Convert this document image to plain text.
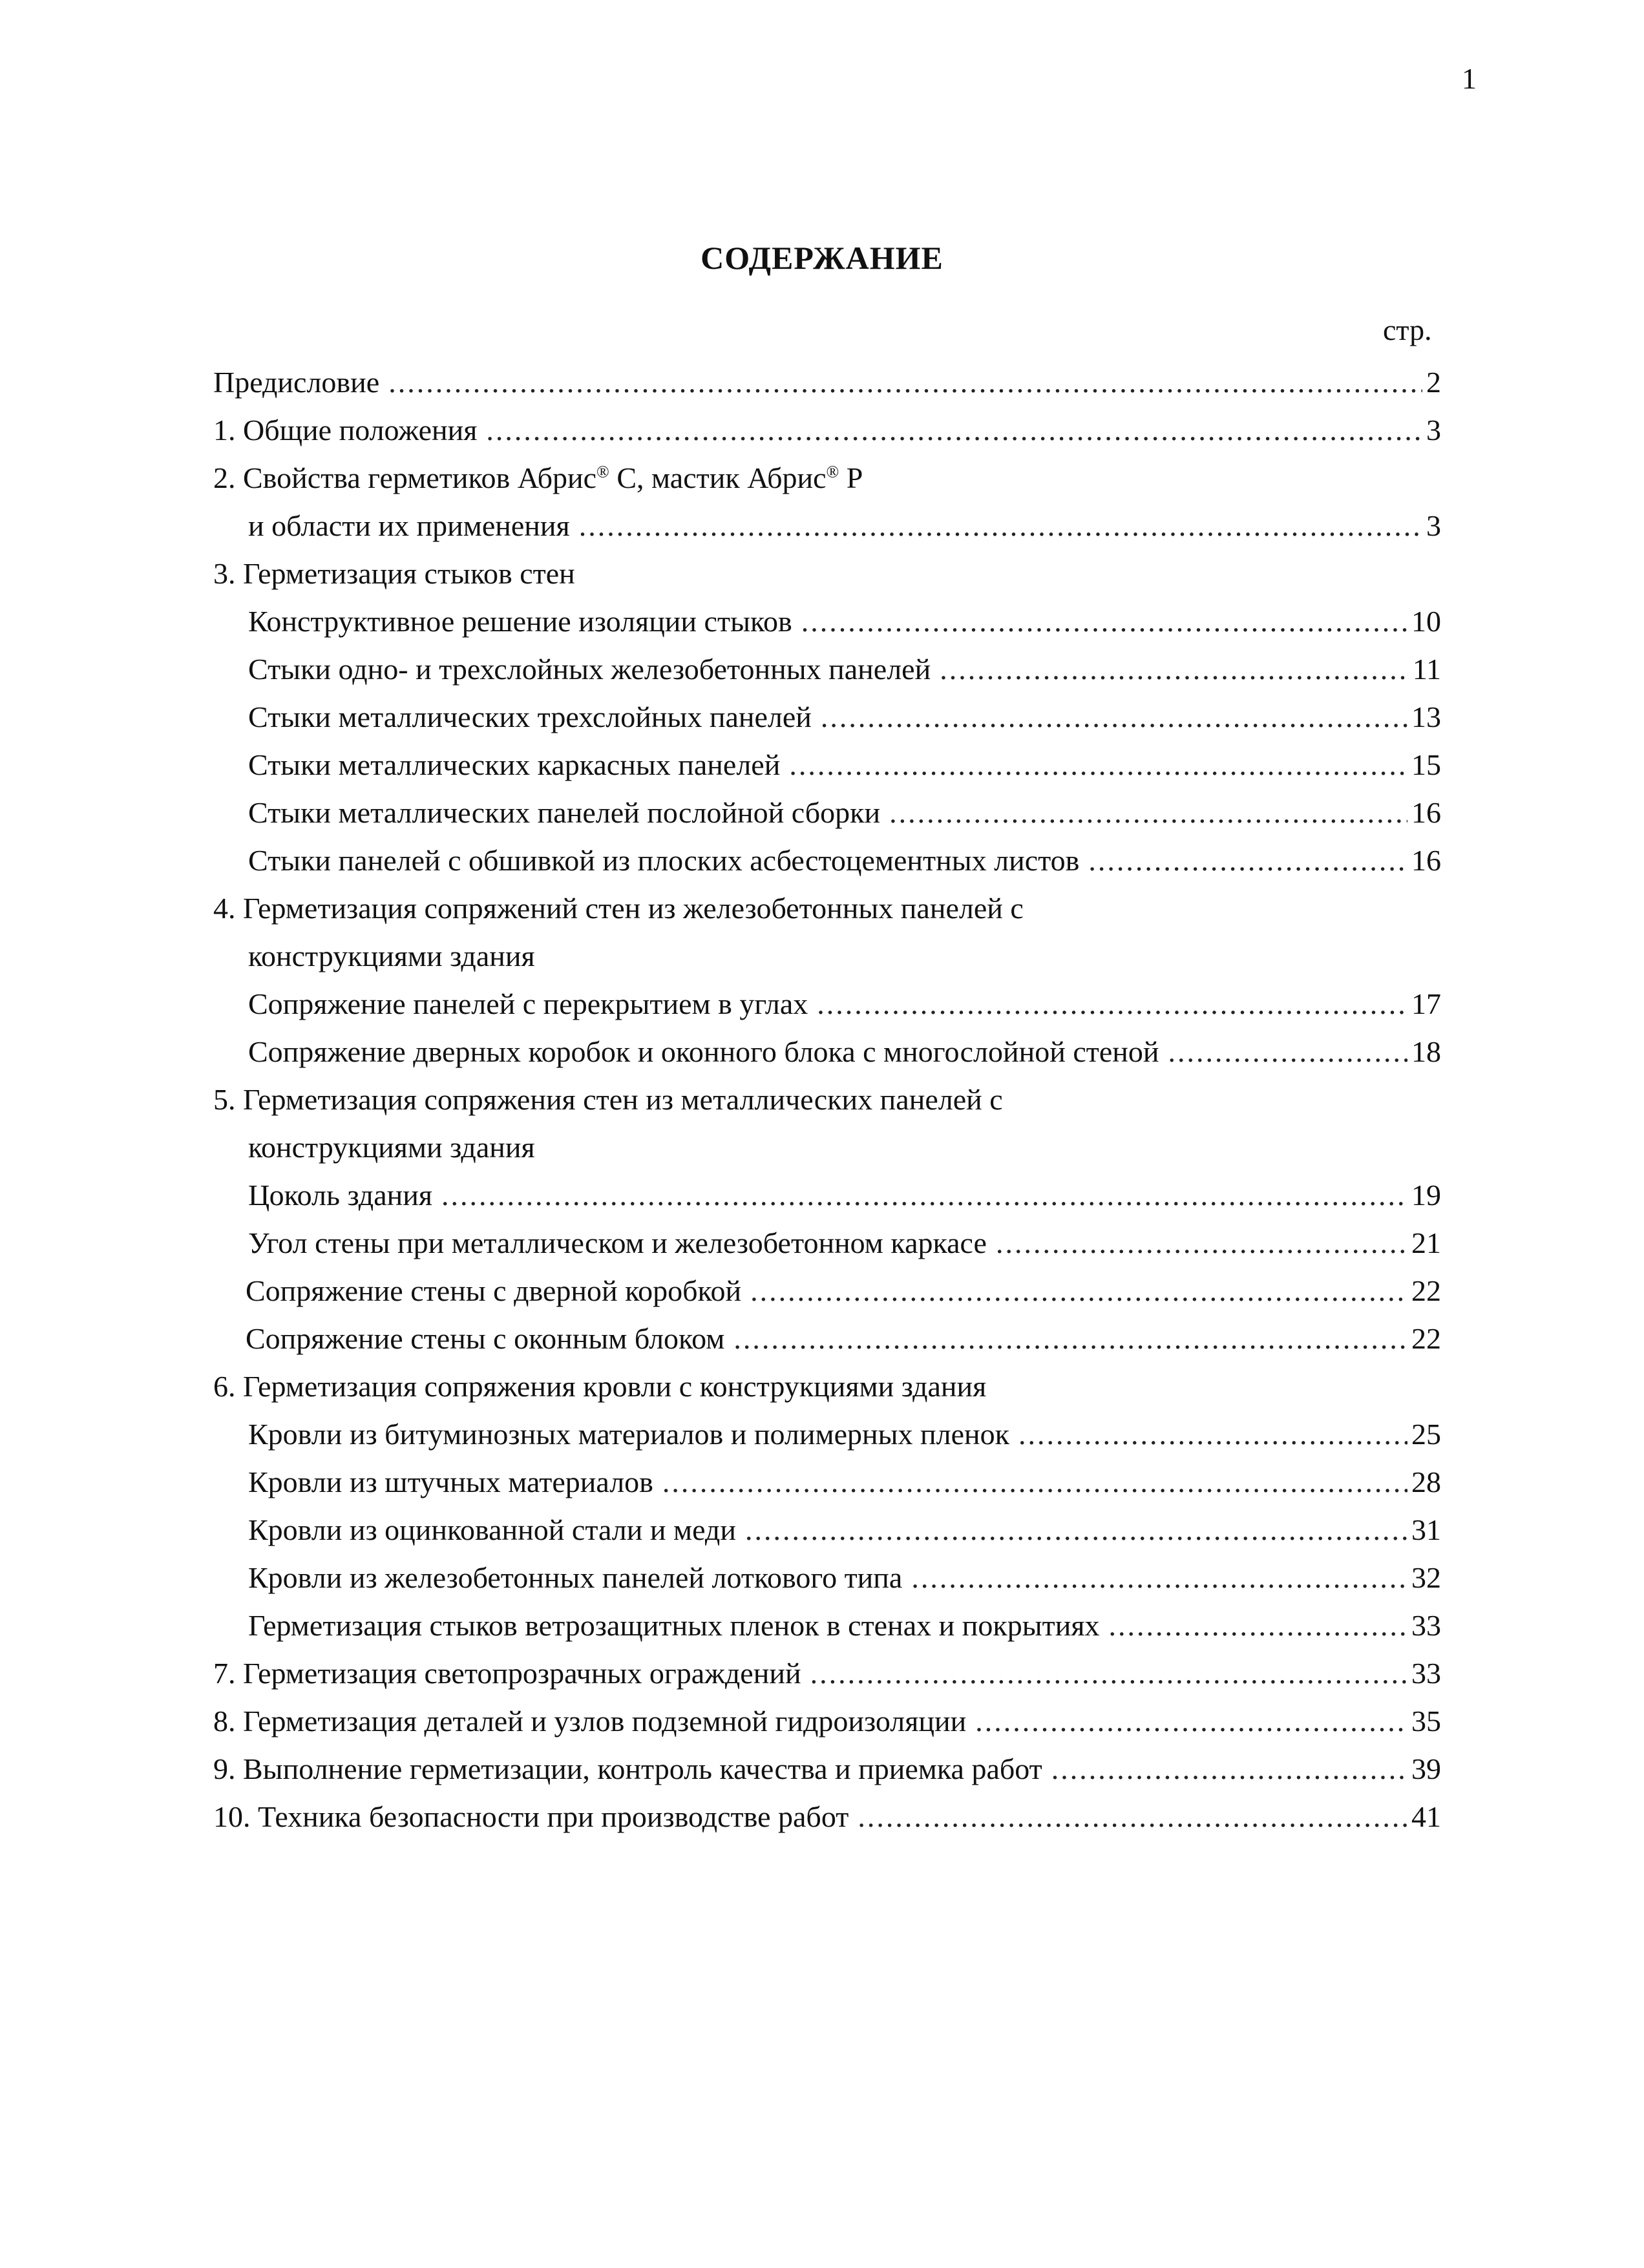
1
СОДЕРЖАНИЕ
стр.
Предисловие .....	2
1. Общие положения .....	3
2. Свойства герметиков Абрис® С, мастик Абрис® Р
и области их применения .....	3
3. Герметизация стыков стен
Конструктивное решение изоляции стыков .....	10
Стыки одно- и трехслойных железобетонных панелей .....	11
Стыки металлических трехслойных панелей .....	13
Стыки металлических каркасных панелей .....	15
Стыки металлических панелей послойной сборки .....	16
Стыки панелей с обшивкой из плоских асбестоцементных листов .....	16
4. Герметизация сопряжений стен из железобетонных панелей с
конструкциями здания
Сопряжение панелей с перекрытием в углах .....	17
Сопряжение дверных коробок и оконного блока с многослойной стеной .....	18
5. Герметизация сопряжения стен из металлических панелей с
конструкциями здания
Цоколь здания .....	19
Угол стены при металлическом и железобетонном каркасе .....	21
Сопряжение стены с дверной коробкой .....	22
Сопряжение стены с оконным блоком .....	22
6. Герметизация сопряжения кровли с конструкциями здания
Кровли из битуминозных материалов и полимерных пленок .....	25
Кровли из штучных материалов .....	28
Кровли из оцинкованной стали и меди .....	31
Кровли из железобетонных панелей лоткового типа .....	32
Герметизация стыков ветрозащитных пленок в стенах и покрытиях .....	33
7. Герметизация светопрозрачных ограждений .....	33
8. Герметизация деталей и узлов подземной гидроизоляции .....	35
9. Выполнение герметизации, контроль качества и приемка работ .....	39
10. Техника безопасности при производстве работ .....	41
